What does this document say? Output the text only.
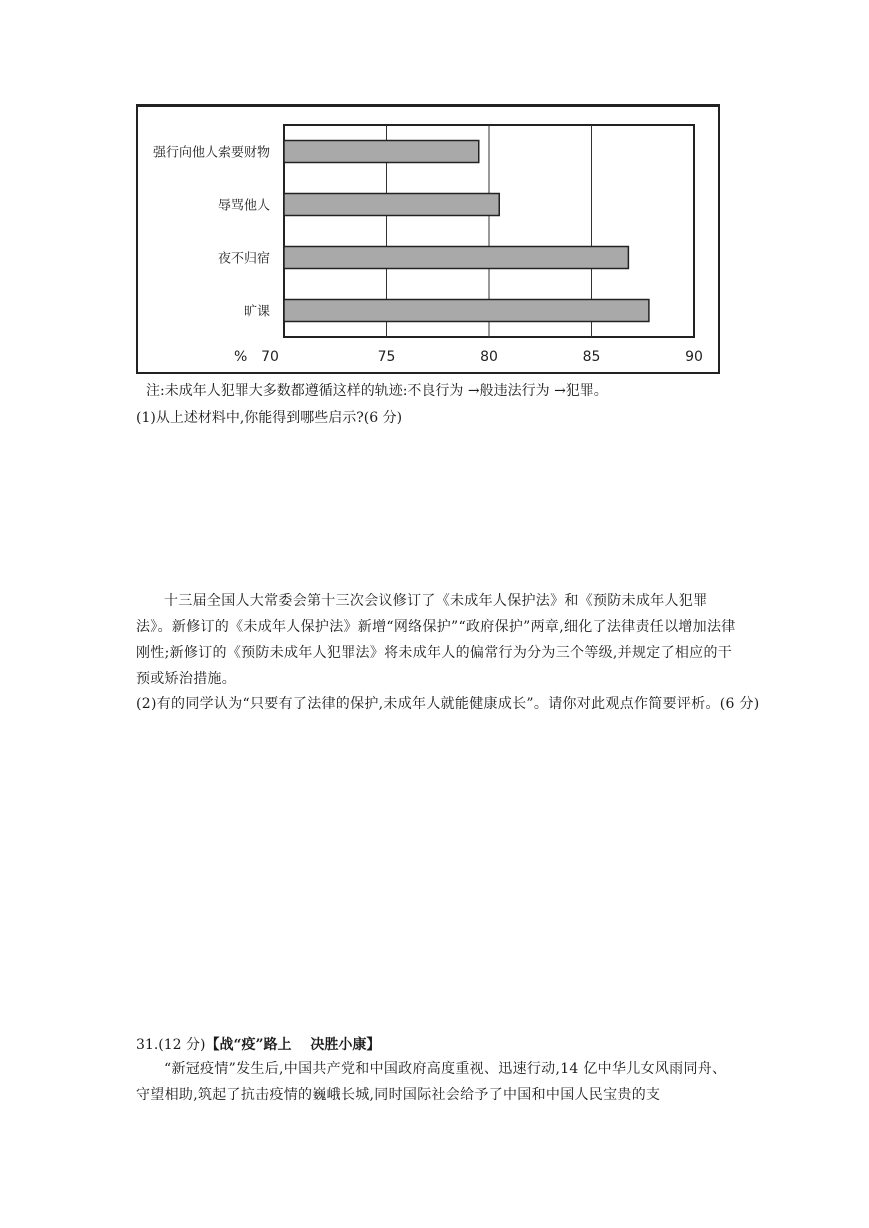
强行向他人索要财物
辱骂他人
夜不归宿
旷课
70	75	80	85	90
%
注:未成年人犯罪大多数都遵循这样的轨迹:不良行为 →般违法行为 →犯罪。
(1)从上述材料中,你能得到哪些启示?(6 分)
十三届全国人大常委会第十三次会议修订了《未成年人保护法》和《预防未成年人犯罪法》。新修订的《未成年人保护法》新增“网络保护”“政府保护”两章,细化了法律责任以增加法律刚性;新修订的《预防未成年人犯罪法》将未成年人的偏常行为分为三个等级,并规定了相应的干预或矫治措施。
(2)有的同学认为“只要有了法律的保护,未成年人就能健康成长”。请你对此观点作简要评析。(6 分)
31.(12 分)【战“疫”路上　 决胜小康】
“新冠疫情”发生后,中国共产党和中国政府高度重视、迅速行动,14 亿中华儿女风雨同舟、守望相助,筑起了抗击疫情的巍峨长城,同时国际社会给予了中国和中国人民宝贵的支
